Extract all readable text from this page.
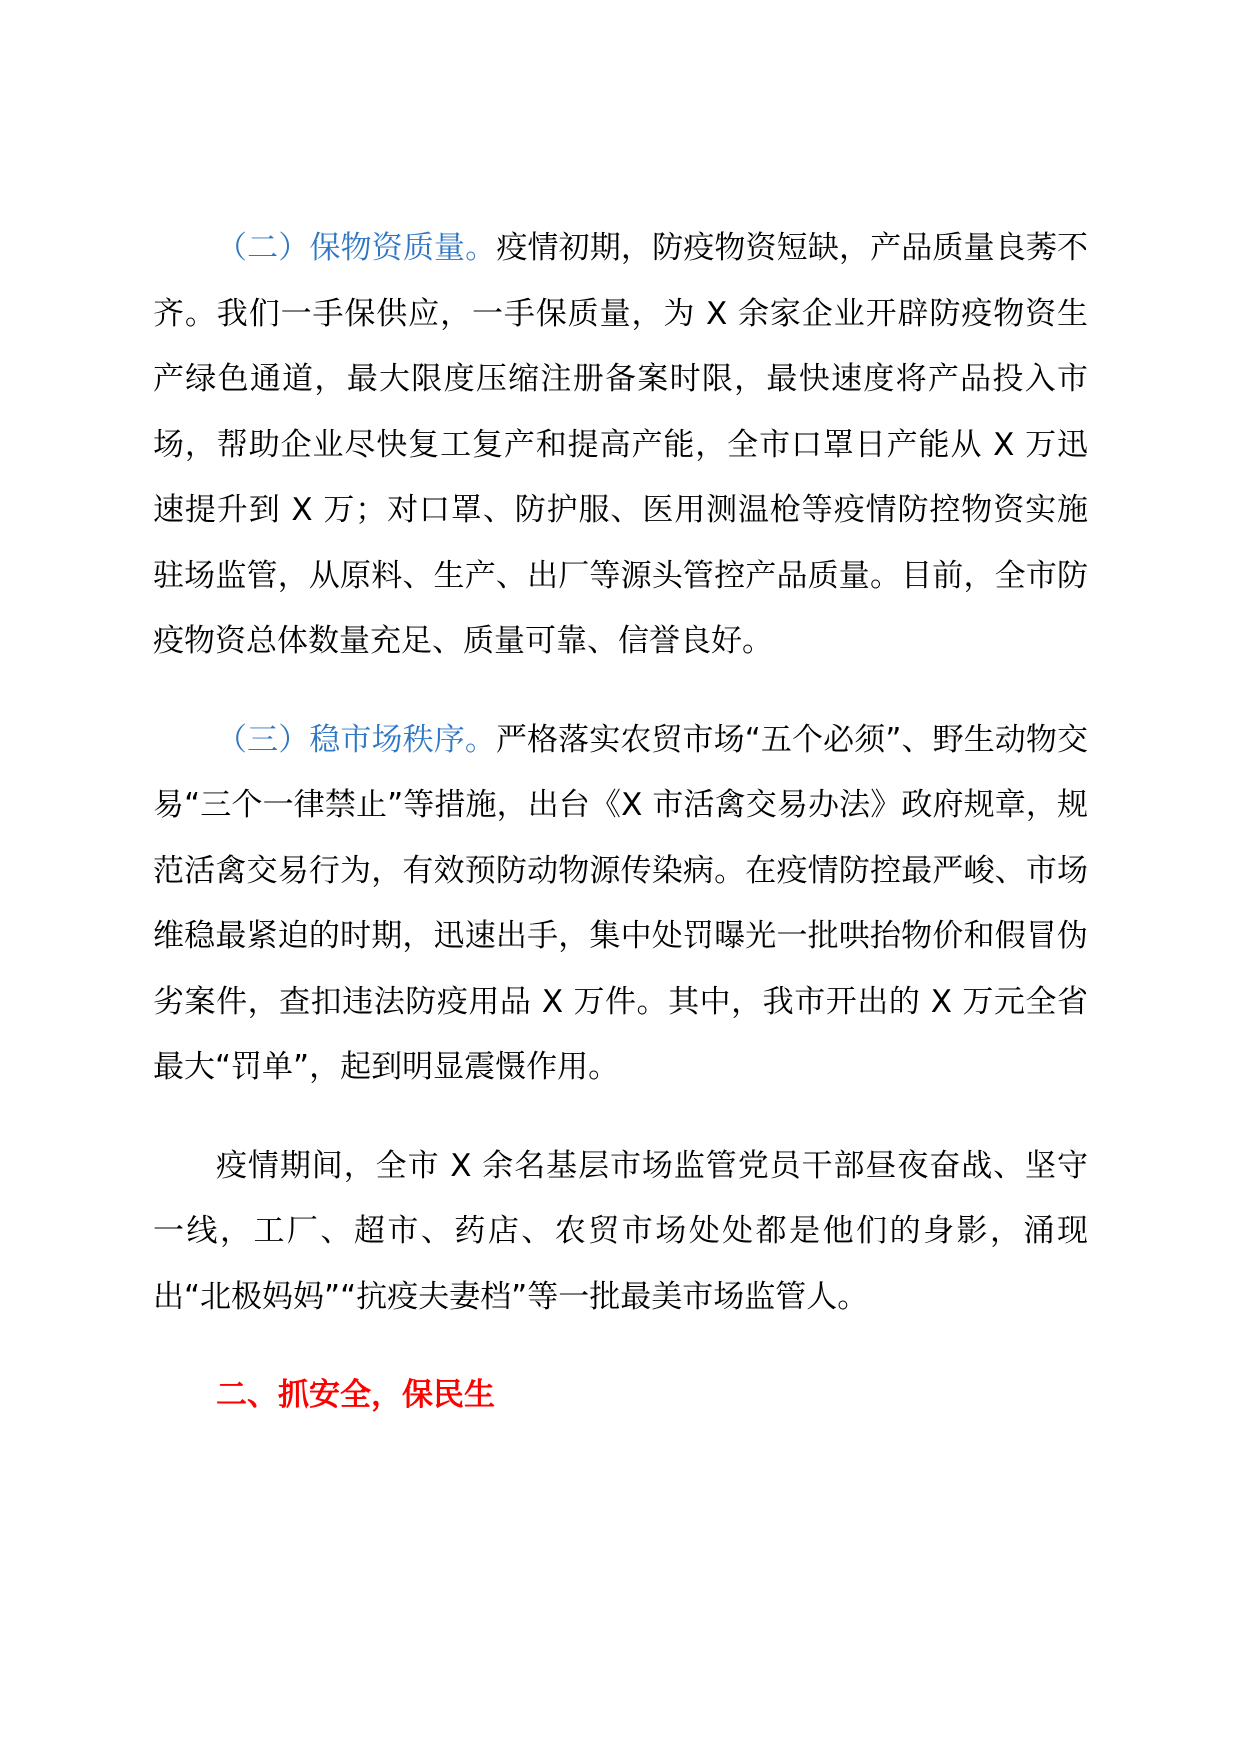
（二）保物资质量。疫情初期，防疫物资短缺，产品质量良莠不齐。我们一手保供应，一手保质量，为 X 余家企业开辟防疫物资生产绿色通道，最大限度压缩注册备案时限，最快速度将产品投入市场，帮助企业尽快复工复产和提高产能，全市口罩日产能从 X 万迅速提升到 X 万；对口罩、防护服、医用测温枪等疫情防控物资实施驻场监管，从原料、生产、出厂等源头管控产品质量。目前，全市防疫物资总体数量充足、质量可靠、信誉良好。

（三）稳市场秩序。严格落实农贸市场“五个必须”、野生动物交易“三个一律禁止”等措施，出台《X 市活禽交易办法》政府规章，规范活禽交易行为，有效预防动物源传染病。在疫情防控最严峻、市场维稳最紧迫的时期，迅速出手，集中处罚曝光一批哄抬物价和假冒伪劣案件，查扣违法防疫用品 X 万件。其中，我市开出的 X 万元全省最大“罚单”，起到明显震慑作用。

疫情期间，全市 X 余名基层市场监管党员干部昼夜奋战、坚守一线，工厂、超市、药店、农贸市场处处都是他们的身影，涌现出“北极妈妈”“抗疫夫妻档”等一批最美市场监管人。

二、抓安全，保民生
